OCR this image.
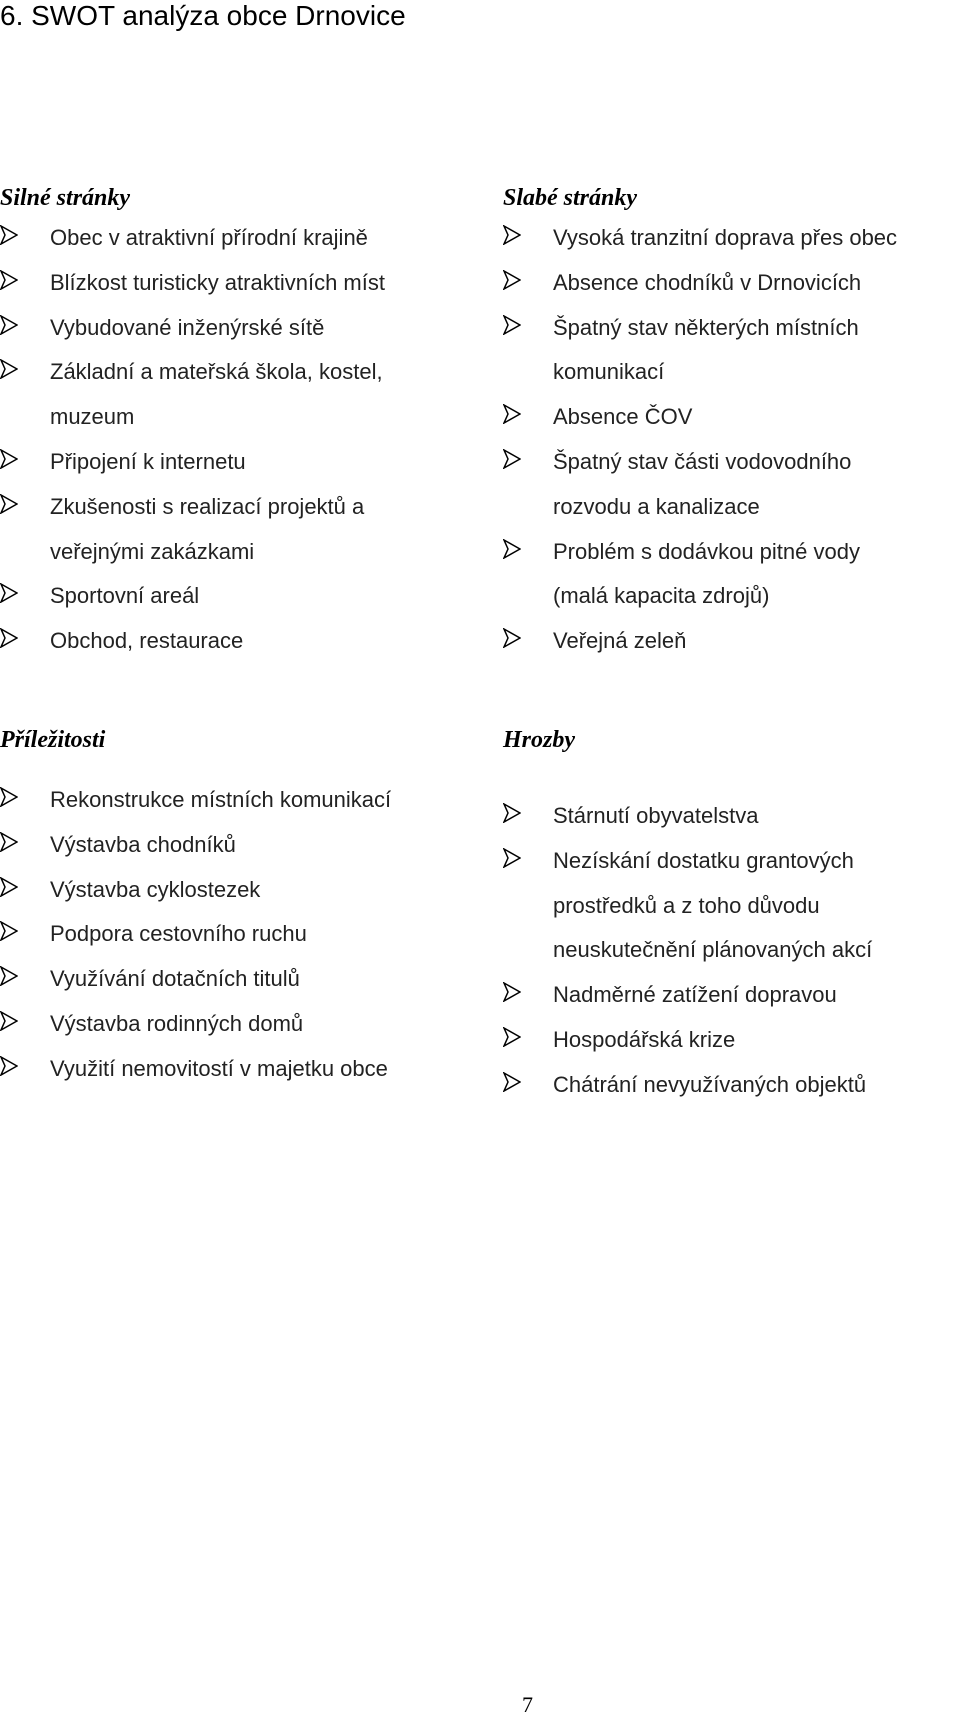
6. SWOT analýza obce Drnovice
Silné stránky
Obec v atraktivní přírodní krajině
Blízkost turisticky atraktivních míst
Vybudované inženýrské sítě
Základní a mateřská škola, kostel,
muzeum
Připojení k internetu
Zkušenosti s realizací projektů a
veřejnými zakázkami
Sportovní areál
Obchod, restaurace
Slabé stránky
Vysoká tranzitní doprava přes obec
Absence chodníků v Drnovicích
Špatný stav některých místních
komunikací
Absence ČOV
Špatný stav části vodovodního
rozvodu a kanalizace
Problém s dodávkou pitné vody
(malá kapacita zdrojů)
Veřejná zeleň
Příležitosti
Rekonstrukce místních komunikací
Výstavba chodníků
Výstavba cyklostezek
Podpora cestovního ruchu
Využívání dotačních titulů
Výstavba rodinných domů
Využití nemovitostí v majetku obce
Hrozby
Stárnutí obyvatelstva
Nezískání dostatku grantových
prostředků a z toho důvodu
neuskutečnění plánovaných akcí
Nadměrné zatížení dopravou
Hospodářská krize
Chátrání nevyužívaných objektů
7
